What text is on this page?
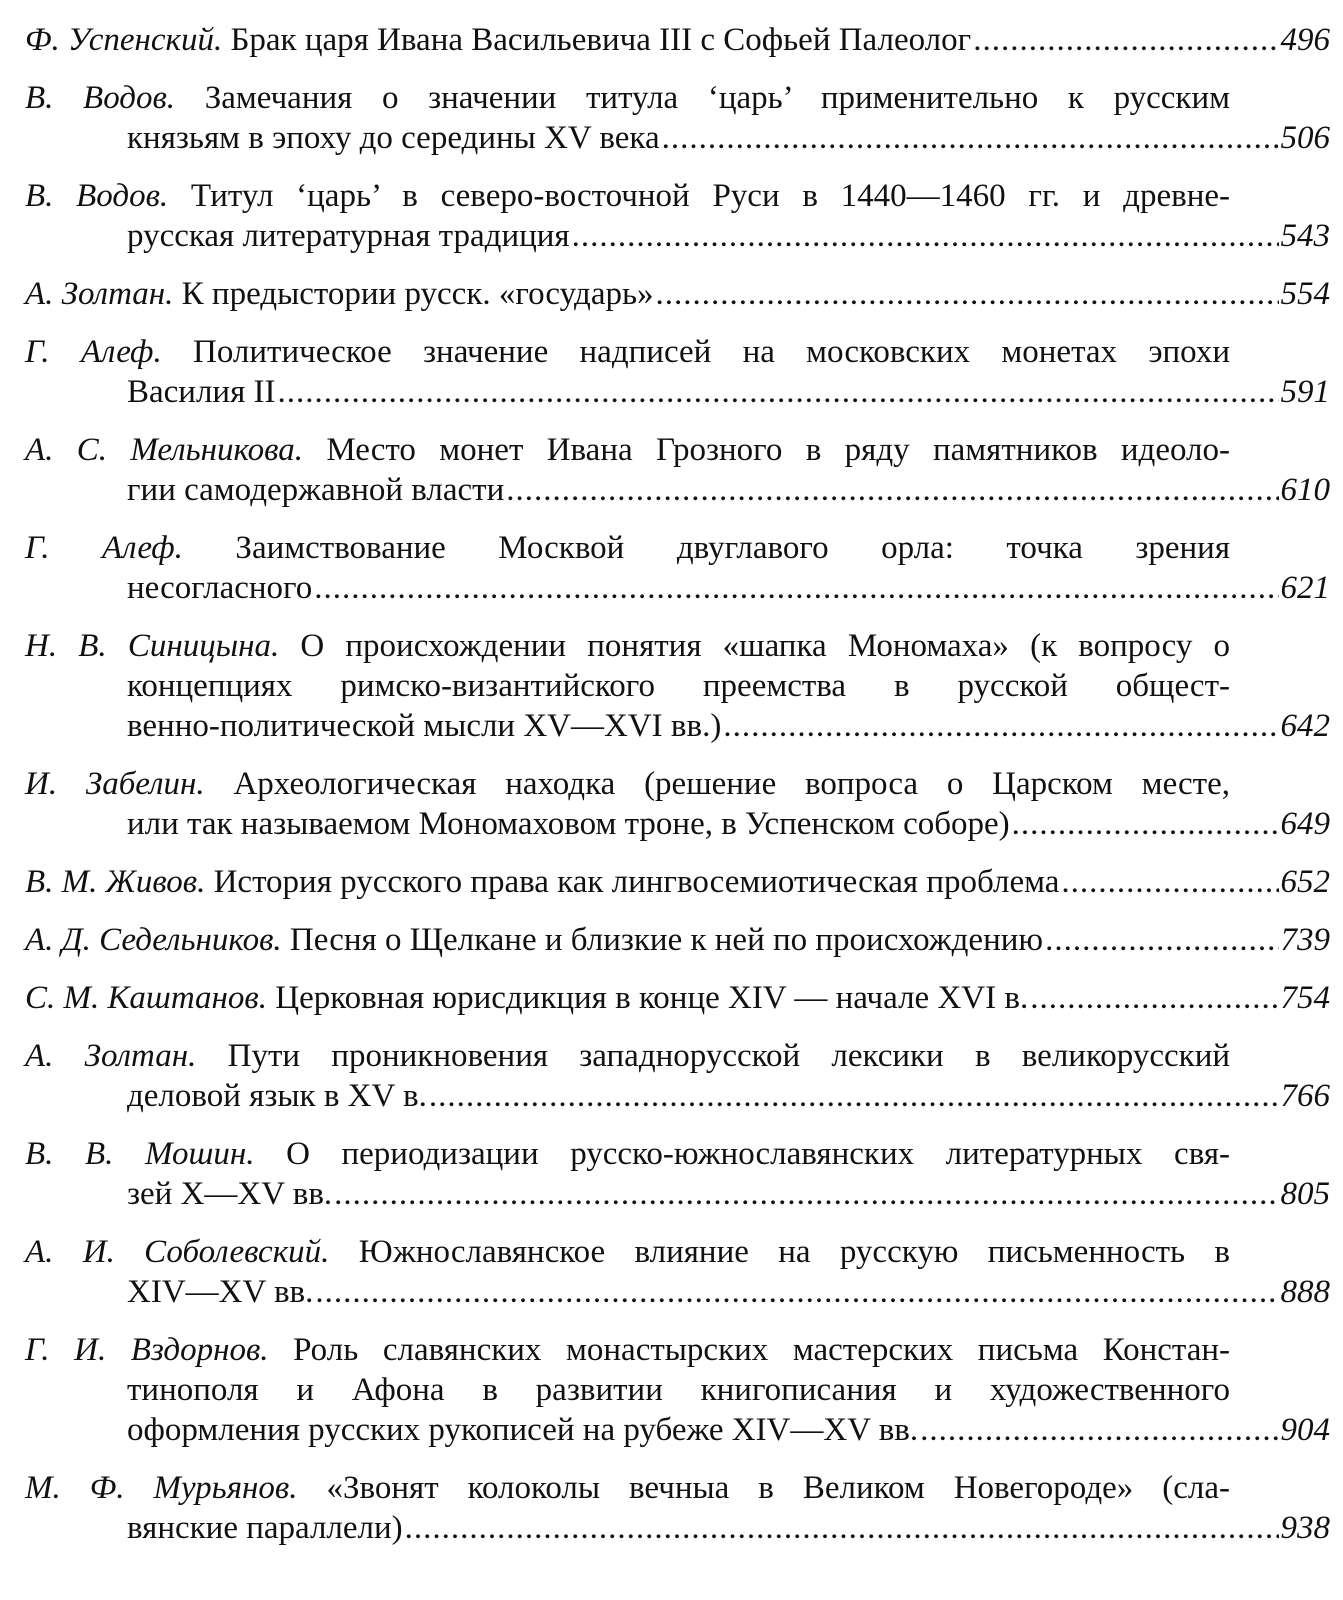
Ф. Успенский. Брак царя Ивана Васильевича III с Софьей Палеолог .....	496
В. Водов. Замечания о значении титула ‘царь’ применительно к русским
князьям в эпоху до середины XV века .....	506
В. Водов. Титул ‘царь’ в северо-восточной Руси в 1440—1460 гг. и древне-
русская литературная традиция .....	543
А. Золтан. К предыстории русск. «государь» .....	554
Г. Алеф. Политическое значение надписей на московских монетах эпохи
Василия II .....	591
А. С. Мельникова. Место монет Ивана Грозного в ряду памятников идеоло-
гии самодержавной власти .....	610
Г. Алеф. Заимствование Москвой двуглавого орла: точка зрения
несогласного .....	621
Н. В. Синицына. О происхождении понятия «шапка Мономаха» (к вопросу о концепциях римско-византийского преемства в русской общест-
венно-политической мысли XV—XVI вв.) .....	642
И. Забелин. Археологическая находка (решение вопроса о Царском месте,
или так называемом Мономаховом троне, в Успенском соборе) .....	649
В. М. Живов. История русского права как лингвосемиотическая проблема .....	652
А. Д. Седельников. Песня о Щелкане и близкие к ней по происхождению .....	739
С. М. Каштанов. Церковная юрисдикция в конце XIV — начале XVI в. .....	754
А. Золтан. Пути проникновения западнорусской лексики в великорусский
деловой язык в XV в. .....	766
В. В. Мошин. О периодизации русско-южнославянских литературных свя-
зей X—XV вв. .....	805
А. И. Соболевский. Южнославянское влияние на русскую письменность в
XIV—XV вв. .....	888
Г. И. Вздорнов. Роль славянских монастырских мастерских письма Констан- тинополя и Афона в развитии книгописания и художественного
оформления русских рукописей на рубеже XIV—XV вв. .....	904
М. Ф. Мурьянов. «Звонят колоколы вечныа в Великом Новегороде» (сла-
вянские параллели) .....	938
